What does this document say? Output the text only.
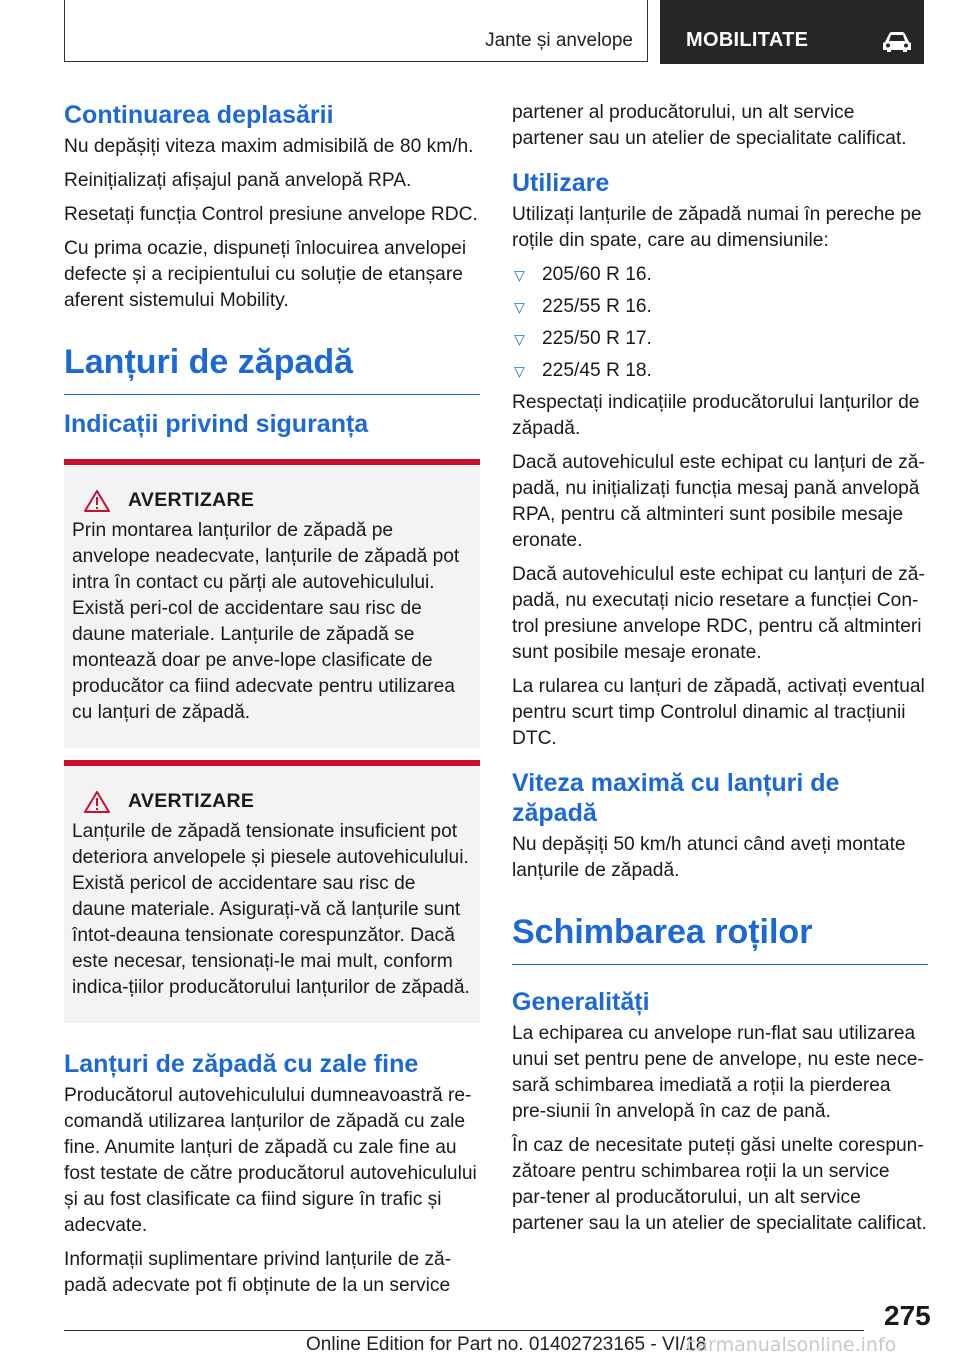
Jante și anvelope	MOBILITATE
Continuarea deplasării

Nu depășiți viteza maxim admisibilă de 80 km/h.

Reinițializați afișajul pană anvelopă RPA.

Resetați funcția Control presiune anvelope RDC.

Cu prima ocazie, dispuneți înlocuirea anvelopei defecte și a recipientului cu soluție de etanșare aferent sistemului Mobility.

Lanțuri de zăpadă
Indicații privind siguranța
AVERTIZARE

Prin montarea lanțurilor de zăpadă pe anvelope neadecvate, lanțurile de zăpadă pot intra în contact cu părți ale autovehiculului. Există peri-col de accidentare sau risc de daune materiale. Lanțurile de zăpadă se montează doar pe anve-lope clasificate de producător ca fiind adecvate pentru utilizarea cu lanțuri de zăpadă.

AVERTIZARE

Lanțurile de zăpadă tensionate insuficient pot deteriora anvelopele și piesele autovehiculului. Există pericol de accidentare sau risc de daune materiale. Asigurați-vă că lanțurile sunt întot-deauna tensionate corespunzător. Dacă este necesar, tensionați-le mai mult, conform indica-țiilor producătorului lanțurilor de zăpadă.

Lanțuri de zăpadă cu zale fine

Producătorul autovehiculului dumneavoastră re-comandă utilizarea lanțurilor de zăpadă cu zale fine. Anumite lanțuri de zăpadă cu zale fine au fost testate de către producătorul autovehiculului și au fost clasificate ca fiind sigure în trafic și adecvate.

Informații suplimentare privind lanțurile de ză-padă adecvate pot fi obținute de la un service

partener al producătorului, un alt service partener sau un atelier de specialitate calificat.

Utilizare

Utilizați lanțurile de zăpadă numai în pereche pe roțile din spate, care au dimensiunile:

▽ 205/60 R 16.
▽ 225/55 R 16.
▽ 225/50 R 17.
▽ 225/45 R 18.

Respectați indicațiile producătorului lanțurilor de zăpadă.

Dacă autovehiculul este echipat cu lanțuri de ză-padă, nu inițializați funcția mesaj pană anvelopă RPA, pentru că altminteri sunt posibile mesaje eronate.

Dacă autovehiculul este echipat cu lanțuri de ză-padă, nu executați nicio resetare a funcției Con-trol presiune anvelope RDC, pentru că altminteri sunt posibile mesaje eronate.

La rularea cu lanțuri de zăpadă, activați eventual pentru scurt timp Controlul dinamic al tracțiunii DTC.

Viteza maximă cu lanțuri de zăpadă

Nu depășiți 50 km/h atunci când aveți montate lanțurile de zăpadă.

Schimbarea roților
Generalități

La echiparea cu anvelope run-flat sau utilizarea unui set pentru pene de anvelope, nu este nece-sară schimbarea imediată a roții la pierderea pre-siunii în anvelopă în caz de pană.

În caz de necesitate puteți găsi unelte corespun-zătoare pentru schimbarea roții la un service par-tener al producătorului, un alt service partener sau la un atelier de specialitate calificat.

275
Online Edition for Part no. 01402723165 - VI/18
carmanualsonline.info
